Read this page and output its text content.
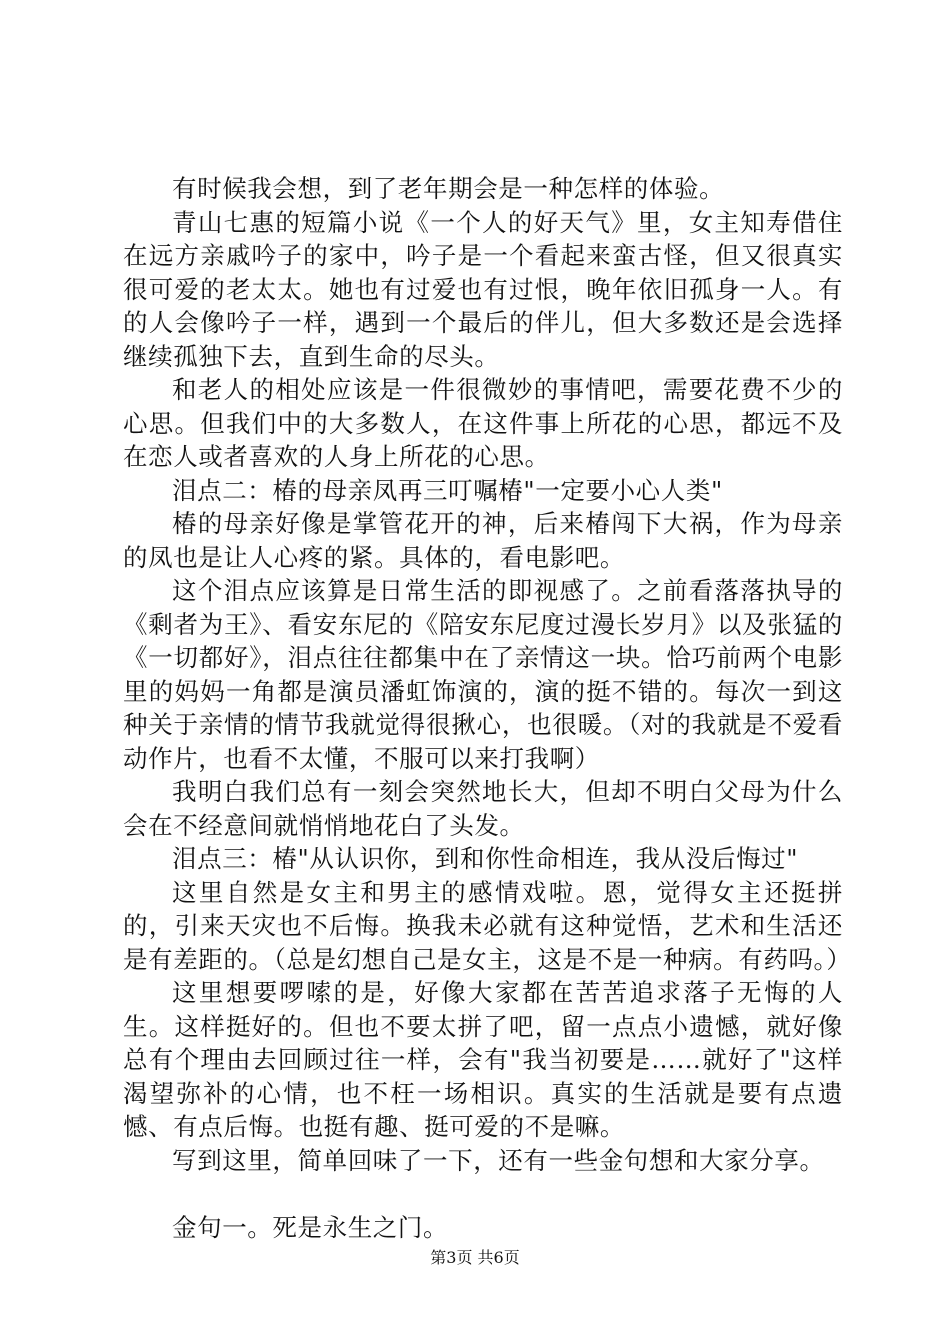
有时候我会想，到了老年期会是一种怎样的体验。

青山七惠的短篇小说《一个人的好天气》里，女主知寿借住在远方亲戚吟子的家中，吟子是一个看起来蛮古怪，但又很真实很可爱的老太太。她也有过爱也有过恨，晚年依旧孤身一人。有的人会像吟子一样，遇到一个最后的伴儿，但大多数还是会选择继续孤独下去，直到生命的尽头。

和老人的相处应该是一件很微妙的事情吧，需要花费不少的心思。但我们中的大多数人，在这件事上所花的心思，都远不及在恋人或者喜欢的人身上所花的心思。

泪点二：椿的母亲凤再三叮嘱椿"一定要小心人类"

椿的母亲好像是掌管花开的神，后来椿闯下大祸，作为母亲的凤也是让人心疼的紧。具体的，看电影吧。

这个泪点应该算是日常生活的即视感了。之前看落落执导的《剩者为王》、看安东尼的《陪安东尼度过漫长岁月》以及张猛的《一切都好》，泪点往往都集中在了亲情这一块。恰巧前两个电影里的妈妈一角都是演员潘虹饰演的，演的挺不错的。每次一到这种关于亲情的情节我就觉得很揪心，也很暖。（对的我就是不爱看动作片，也看不太懂，不服可以来打我啊）

我明白我们总有一刻会突然地长大，但却不明白父母为什么会在不经意间就悄悄地花白了头发。

泪点三：椿"从认识你，到和你性命相连，我从没后悔过"

这里自然是女主和男主的感情戏啦。恩，觉得女主还挺拼的，引来天灾也不后悔。换我未必就有这种觉悟，艺术和生活还是有差距的。（总是幻想自己是女主，这是不是一种病。有药吗。）

这里想要啰嗦的是，好像大家都在苦苦追求落子无悔的人生。这样挺好的。但也不要太拼了吧，留一点点小遗憾，就好像总有个理由去回顾过往一样，会有"我当初要是……就好了"这样渴望弥补的心情，也不枉一场相识。真实的生活就是要有点遗憾、有点后悔。也挺有趣、挺可爱的不是嘛。

写到这里，简单回味了一下，还有一些金句想和大家分享。

金句一。死是永生之门。

第3页 共6页
